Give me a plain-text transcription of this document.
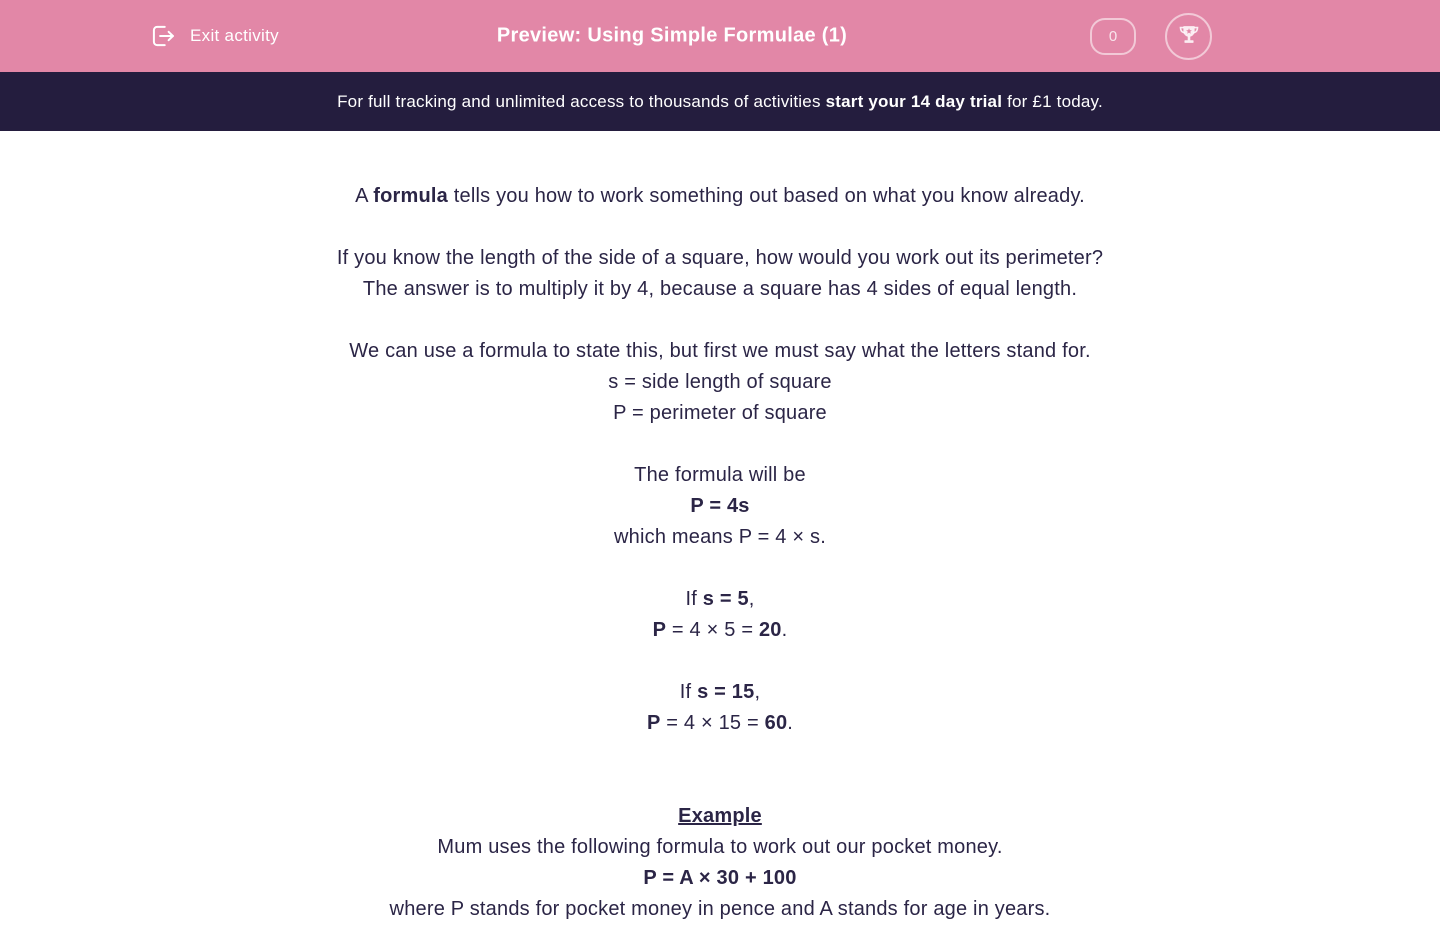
Exit activity	Preview: Using Simple Formulae (1)	0
For full tracking and unlimited access to thousands of activities start your 14 day trial for £1 today.
A formula tells you how to work something out based on what you know already.
If you know the length of the side of a square, how would you work out its perimeter?
The answer is to multiply it by 4, because a square has 4 sides of equal length.
We can use a formula to state this, but first we must say what the letters stand for.
s = side length of square
P = perimeter of square
The formula will be
P = 4s
which means P = 4 × s.
If s = 5,
P = 4 × 5 = 20.
If s = 15,
P = 4 × 15 = 60.
Example
Mum uses the following formula to work out our pocket money.
P = A × 30 + 100
where P stands for pocket money in pence and A stands for age in years.
